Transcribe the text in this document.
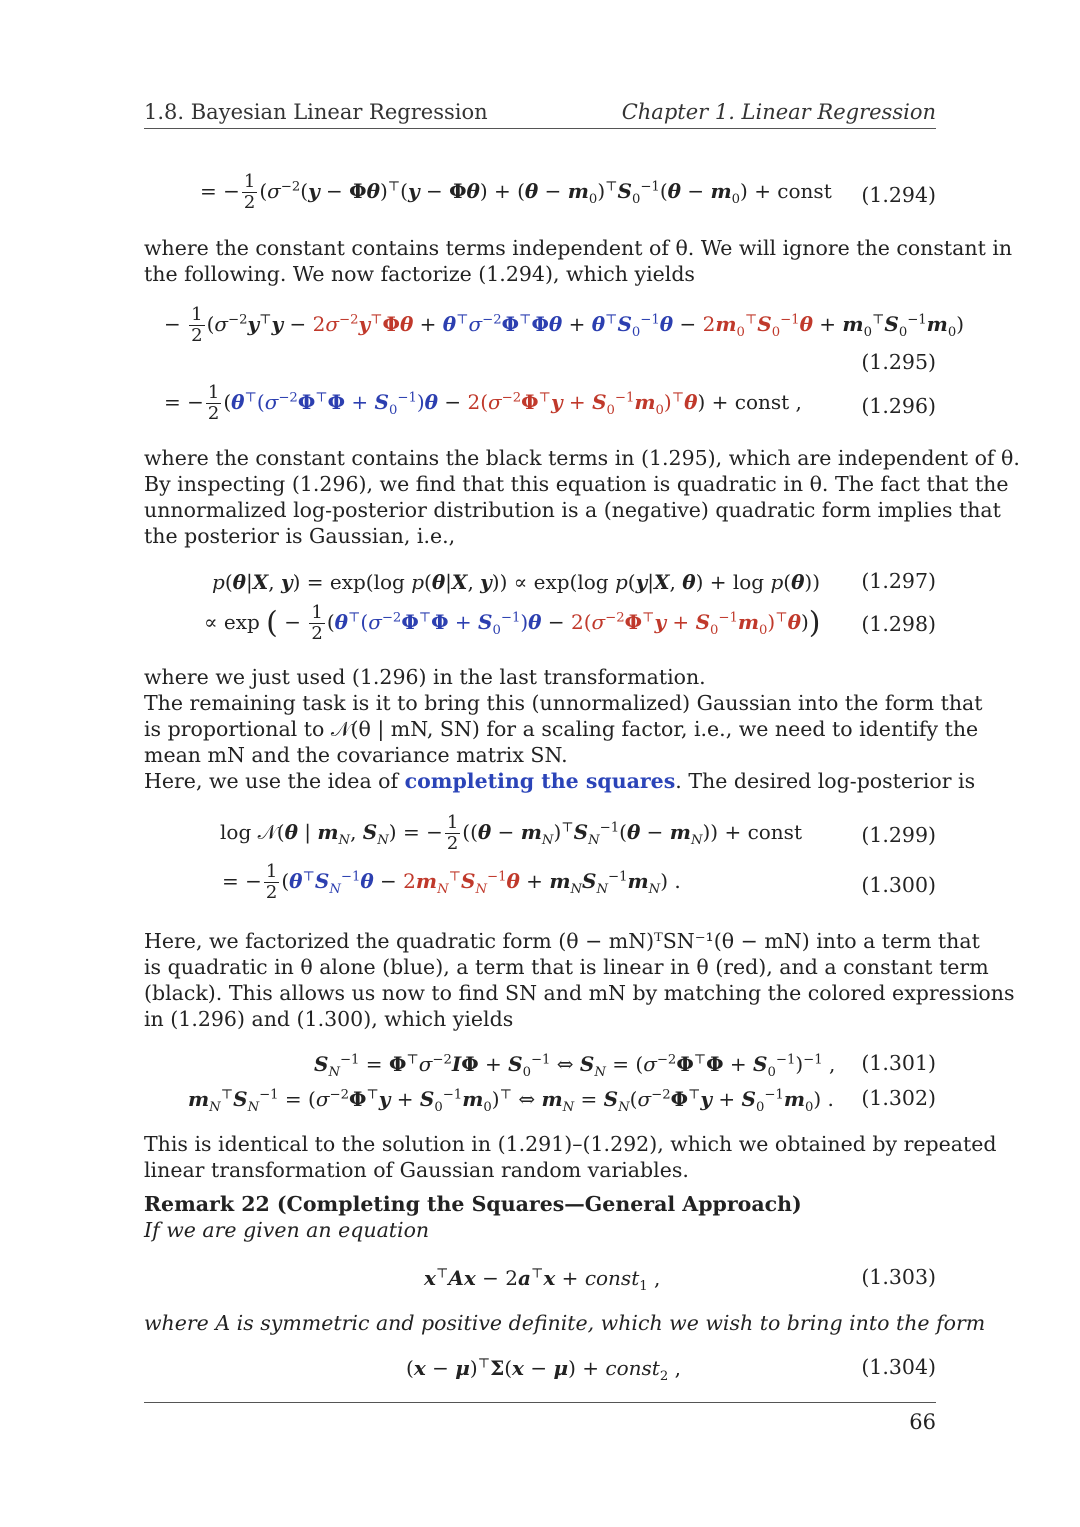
1.8. Bayesian Linear Regression	Chapter 1. Linear Regression
= − $\frac{1}{2} (\sigma^{-2}(y - \Phi\theta)^⊤(y - \Phi\theta) + (\theta - m_0)^⊤S_0^{-1}(\theta - m_0)$ + const (1.294)
where the constant contains terms independent of θ. We will ignore the constant in
the following. We now factorize (1.294), which yields
− $\frac{1}{2} (\sigma^{-2}y^⊤y - 2\sigma^{-2}y^⊤\Phi\theta + \theta^⊤\sigma^{-2}\Phi^⊤\Phi\theta + \theta^⊤S_0^{-1}\theta - 2m_0^⊤S_0^{-1}\theta + m_0^⊤S_0^{-1}m_0)$
(1.295)
= − $\frac{1}{2} (\theta^⊤(\sigma^{-2}\Phi^⊤\Phi + S_0^{-1})\theta - 2(\sigma^{-2}\Phi^⊤y + S_0^{-1}m_0)^⊤\theta)$ + const ,	(1.296)
where the constant contains the black terms in (1.295), which are independent of θ.
By inspecting (1.296), we find that this equation is quadratic in θ. The fact that the
unnormalized log-posterior distribution is a (negative) quadratic form implies that
the posterior is Gaussian, i.e.,
p(θ|X, y) = exp(log p(θ|X, y)) ∝ exp(log p(y|X, θ) + log p(θ)) (1.297)
∝ exp ( − $\frac{1}{2} (\theta^⊤(\sigma^{-2}\Phi^⊤\Phi + S_0^{-1})\theta - 2(\sigma^{-2}\Phi^⊤y + S_0^{-1}m_0)^⊤\theta)$) (1.298)
where we just used (1.296) in the last transformation.
The remaining task is it to bring this (unnormalized) Gaussian into the form that
is proportional to 𝒩(θ | mN, SN) for a scaling factor, i.e., we need to identify the
mean mN and the covariance matrix SN.
Here, we use the idea of completing the squares. The desired log-posterior is
log 𝒩(θ | $m_N$, $S_N$) = − $\frac{1}{2} ((\theta - m_N)^⊤S_N^{-1}(\theta - m_N))$ + const	(1.299)
= − $\frac{1}{2} (\theta^⊤S_N^{-1}\theta - 2m_N^⊤S_N^{-1}\theta + m_NS_N^{-1}m_N)$ .	(1.300)
Here, we factorized the quadratic form (θ − mN)ᵀSN⁻¹(θ − mN) into a term that
is quadratic in θ alone (blue), a term that is linear in θ (red), and a constant term
(black). This allows us now to find SN and mN by matching the colored expressions
in (1.296) and (1.300), which yields
$S_N^{-1} = \Phi^⊤\sigma^{-2}I\Phi + S_0^{-1}$ ⇔ $S_N = (\sigma^{-2}\Phi^⊤\Phi + S_0^{-1})^{-1}$ , (1.301)
$m_N^⊤S_N^{-1} = (\sigma^{-2}\Phi^⊤y + S_0^{-1}m_0)^⊤$ ⇔ $m_N = S_N(\sigma^{-2}\Phi^⊤y + S_0^{-1}m_0)$ . (1.302)
This is identical to the solution in (1.291)–(1.292), which we obtained by repeated
linear transformation of Gaussian random variables.
Remark 22 (Completing the Squares—General Approach)
If we are given an equation
x⊤Ax − 2a⊤x + const$_1$ ,	(1.303)
where A is symmetric and positive definite, which we wish to bring into the form
(x − μ)⊤Σ(x − μ) + const$_2$ ,	(1.304)
66
